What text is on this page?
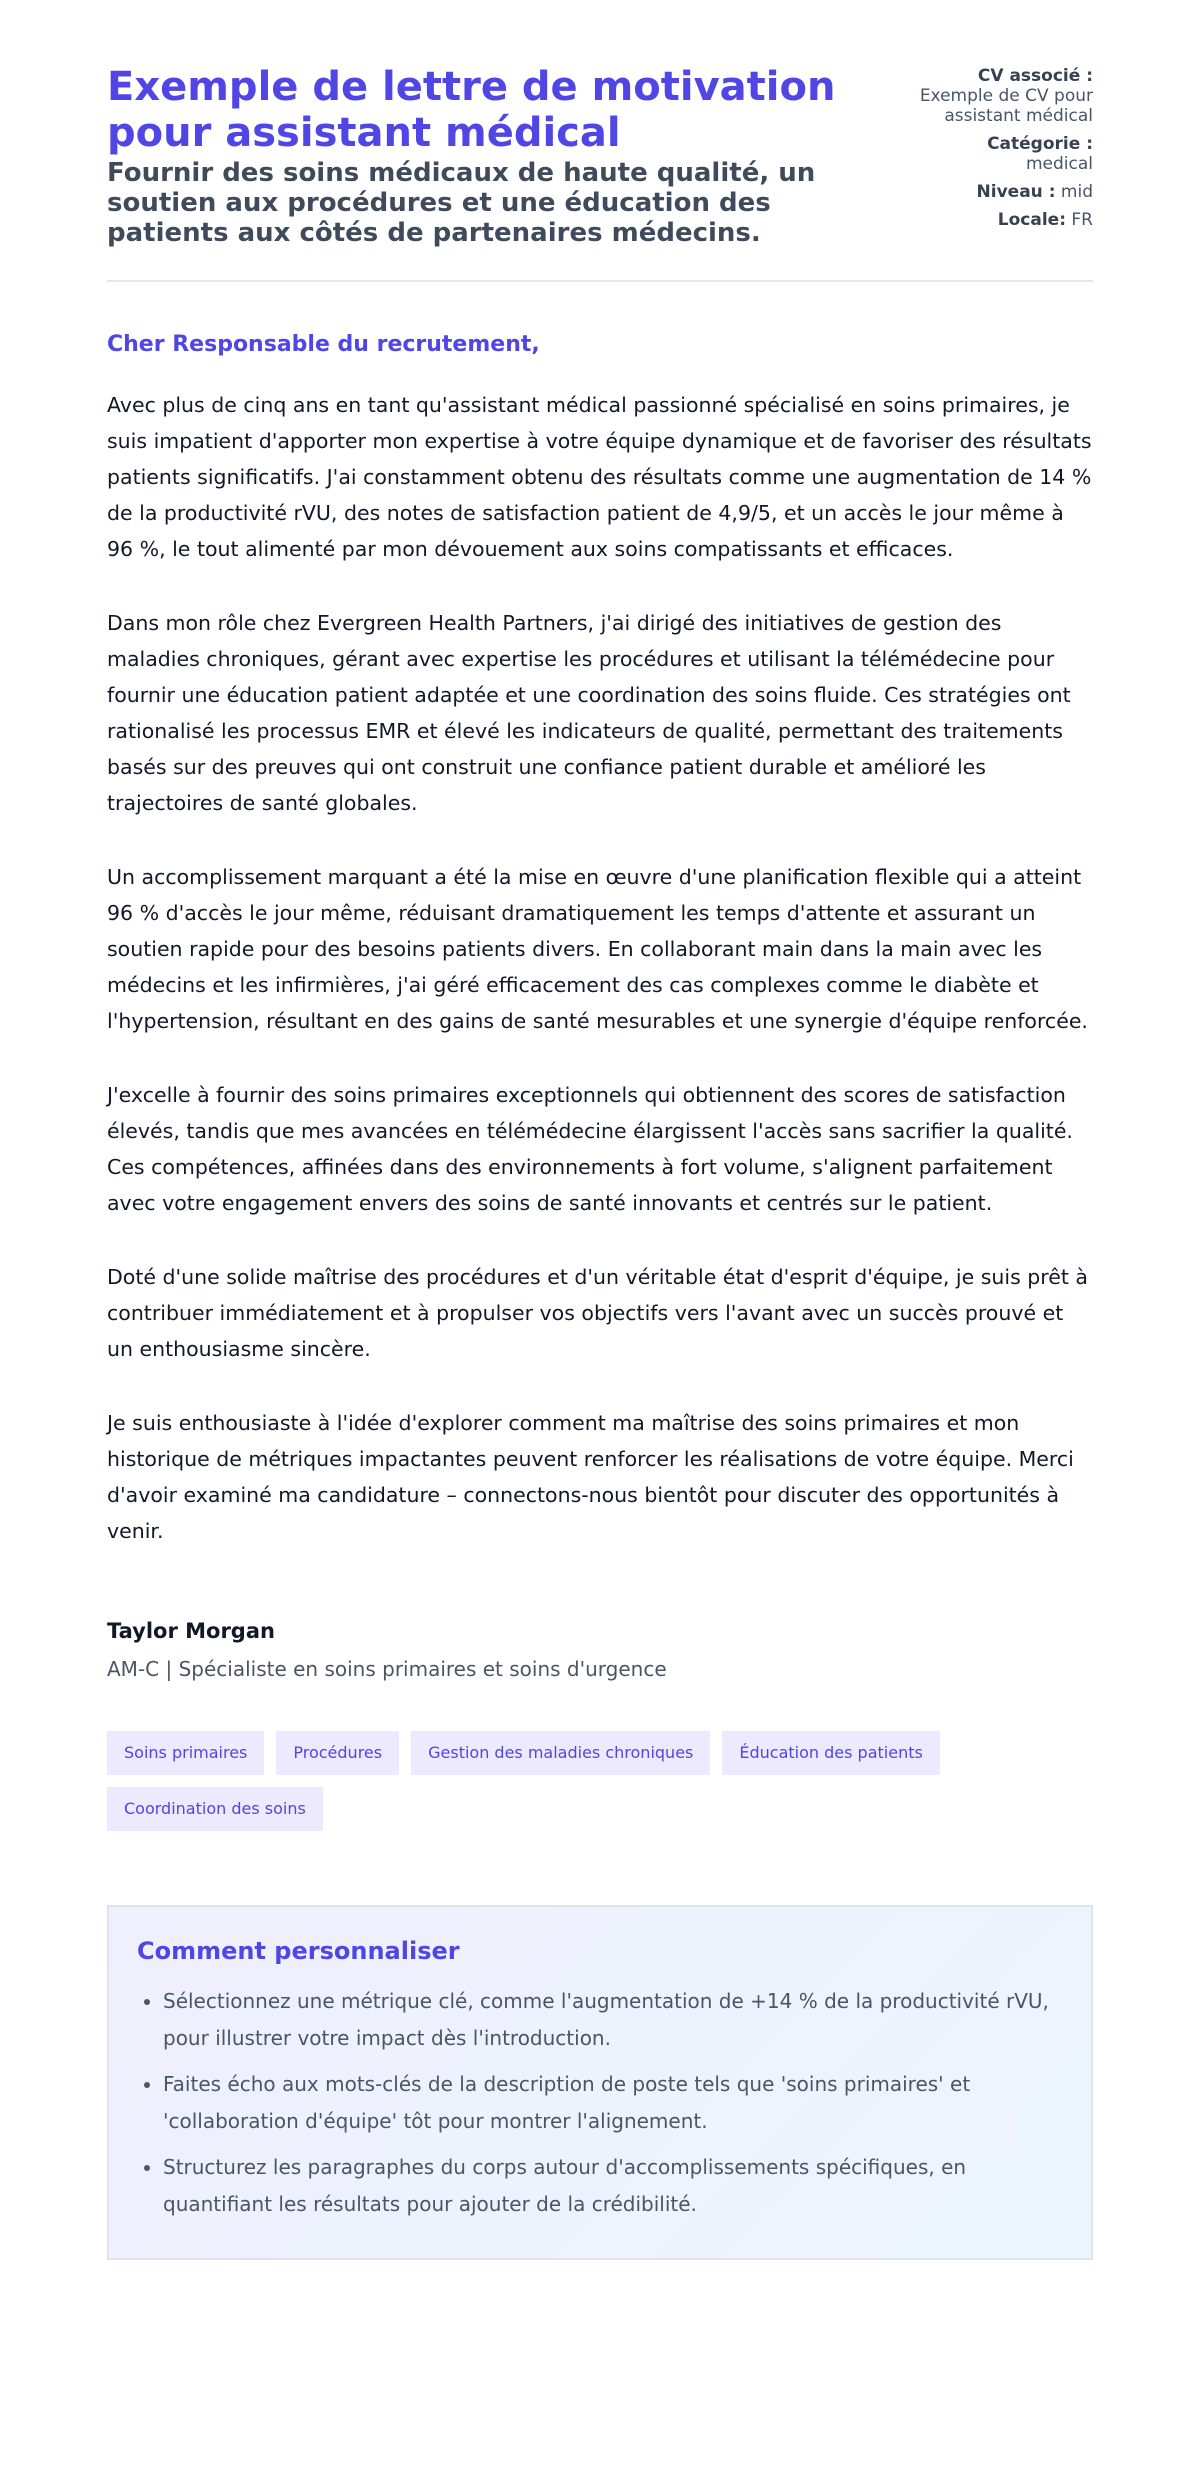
Exemple de lettre de motivation pour assistant médical

Fournir des soins médicaux de haute qualité, un soutien aux procédures et une éducation des patients aux côtés de partenaires médecins.

CV associé :
Exemple de CV pour assistant médical
Catégorie :
medical
Niveau : mid
Locale: FR
Cher Responsable du recrutement,

Avec plus de cinq ans en tant qu'assistant médical passionné spécialisé en soins primaires, je suis impatient d'apporter mon expertise à votre équipe dynamique et de favoriser des résultats patients significatifs. J'ai constamment obtenu des résultats comme une augmentation de 14 % de la productivité rVU, des notes de satisfaction patient de 4,9/5, et un accès le jour même à 96 %, le tout alimenté par mon dévouement aux soins compatissants et efficaces.

Dans mon rôle chez Evergreen Health Partners, j'ai dirigé des initiatives de gestion des maladies chroniques, gérant avec expertise les procédures et utilisant la télémédecine pour fournir une éducation patient adaptée et une coordination des soins fluide. Ces stratégies ont rationalisé les processus EMR et élevé les indicateurs de qualité, permettant des traitements basés sur des preuves qui ont construit une confiance patient durable et amélioré les trajectoires de santé globales.

Un accomplissement marquant a été la mise en œuvre d'une planification flexible qui a atteint 96 % d'accès le jour même, réduisant dramatiquement les temps d'attente et assurant un soutien rapide pour des besoins patients divers. En collaborant main dans la main avec les médecins et les infirmières, j'ai géré efficacement des cas complexes comme le diabète et l'hypertension, résultant en des gains de santé mesurables et une synergie d'équipe renforcée.

J'excelle à fournir des soins primaires exceptionnels qui obtiennent des scores de satisfaction élevés, tandis que mes avancées en télémédecine élargissent l'accès sans sacrifier la qualité. Ces compétences, affinées dans des environnements à fort volume, s'alignent parfaitement avec votre engagement envers des soins de santé innovants et centrés sur le patient.

Doté d'une solide maîtrise des procédures et d'un véritable état d'esprit d'équipe, je suis prêt à contribuer immédiatement et à propulser vos objectifs vers l'avant avec un succès prouvé et un enthousiasme sincère.

Je suis enthousiaste à l'idée d'explorer comment ma maîtrise des soins primaires et mon historique de métriques impactantes peuvent renforcer les réalisations de votre équipe. Merci d'avoir examiné ma candidature – connectons-nous bientôt pour discuter des opportunités à venir.

Taylor Morgan
AM-C | Spécialiste en soins primaires et soins d'urgence
Soins primaires	Procédures	Gestion des maladies chroniques	Éducation des patients
Coordination des soins
Comment personnaliser
• Sélectionnez une métrique clé, comme l'augmentation de +14 % de la productivité rVU, pour illustrer votre impact dès l'introduction.
• Faites écho aux mots-clés de la description de poste tels que 'soins primaires' et 'collaboration d'équipe' tôt pour montrer l'alignement.
• Structurez les paragraphes du corps autour d'accomplissements spécifiques, en quantifiant les résultats pour ajouter de la crédibilité.
